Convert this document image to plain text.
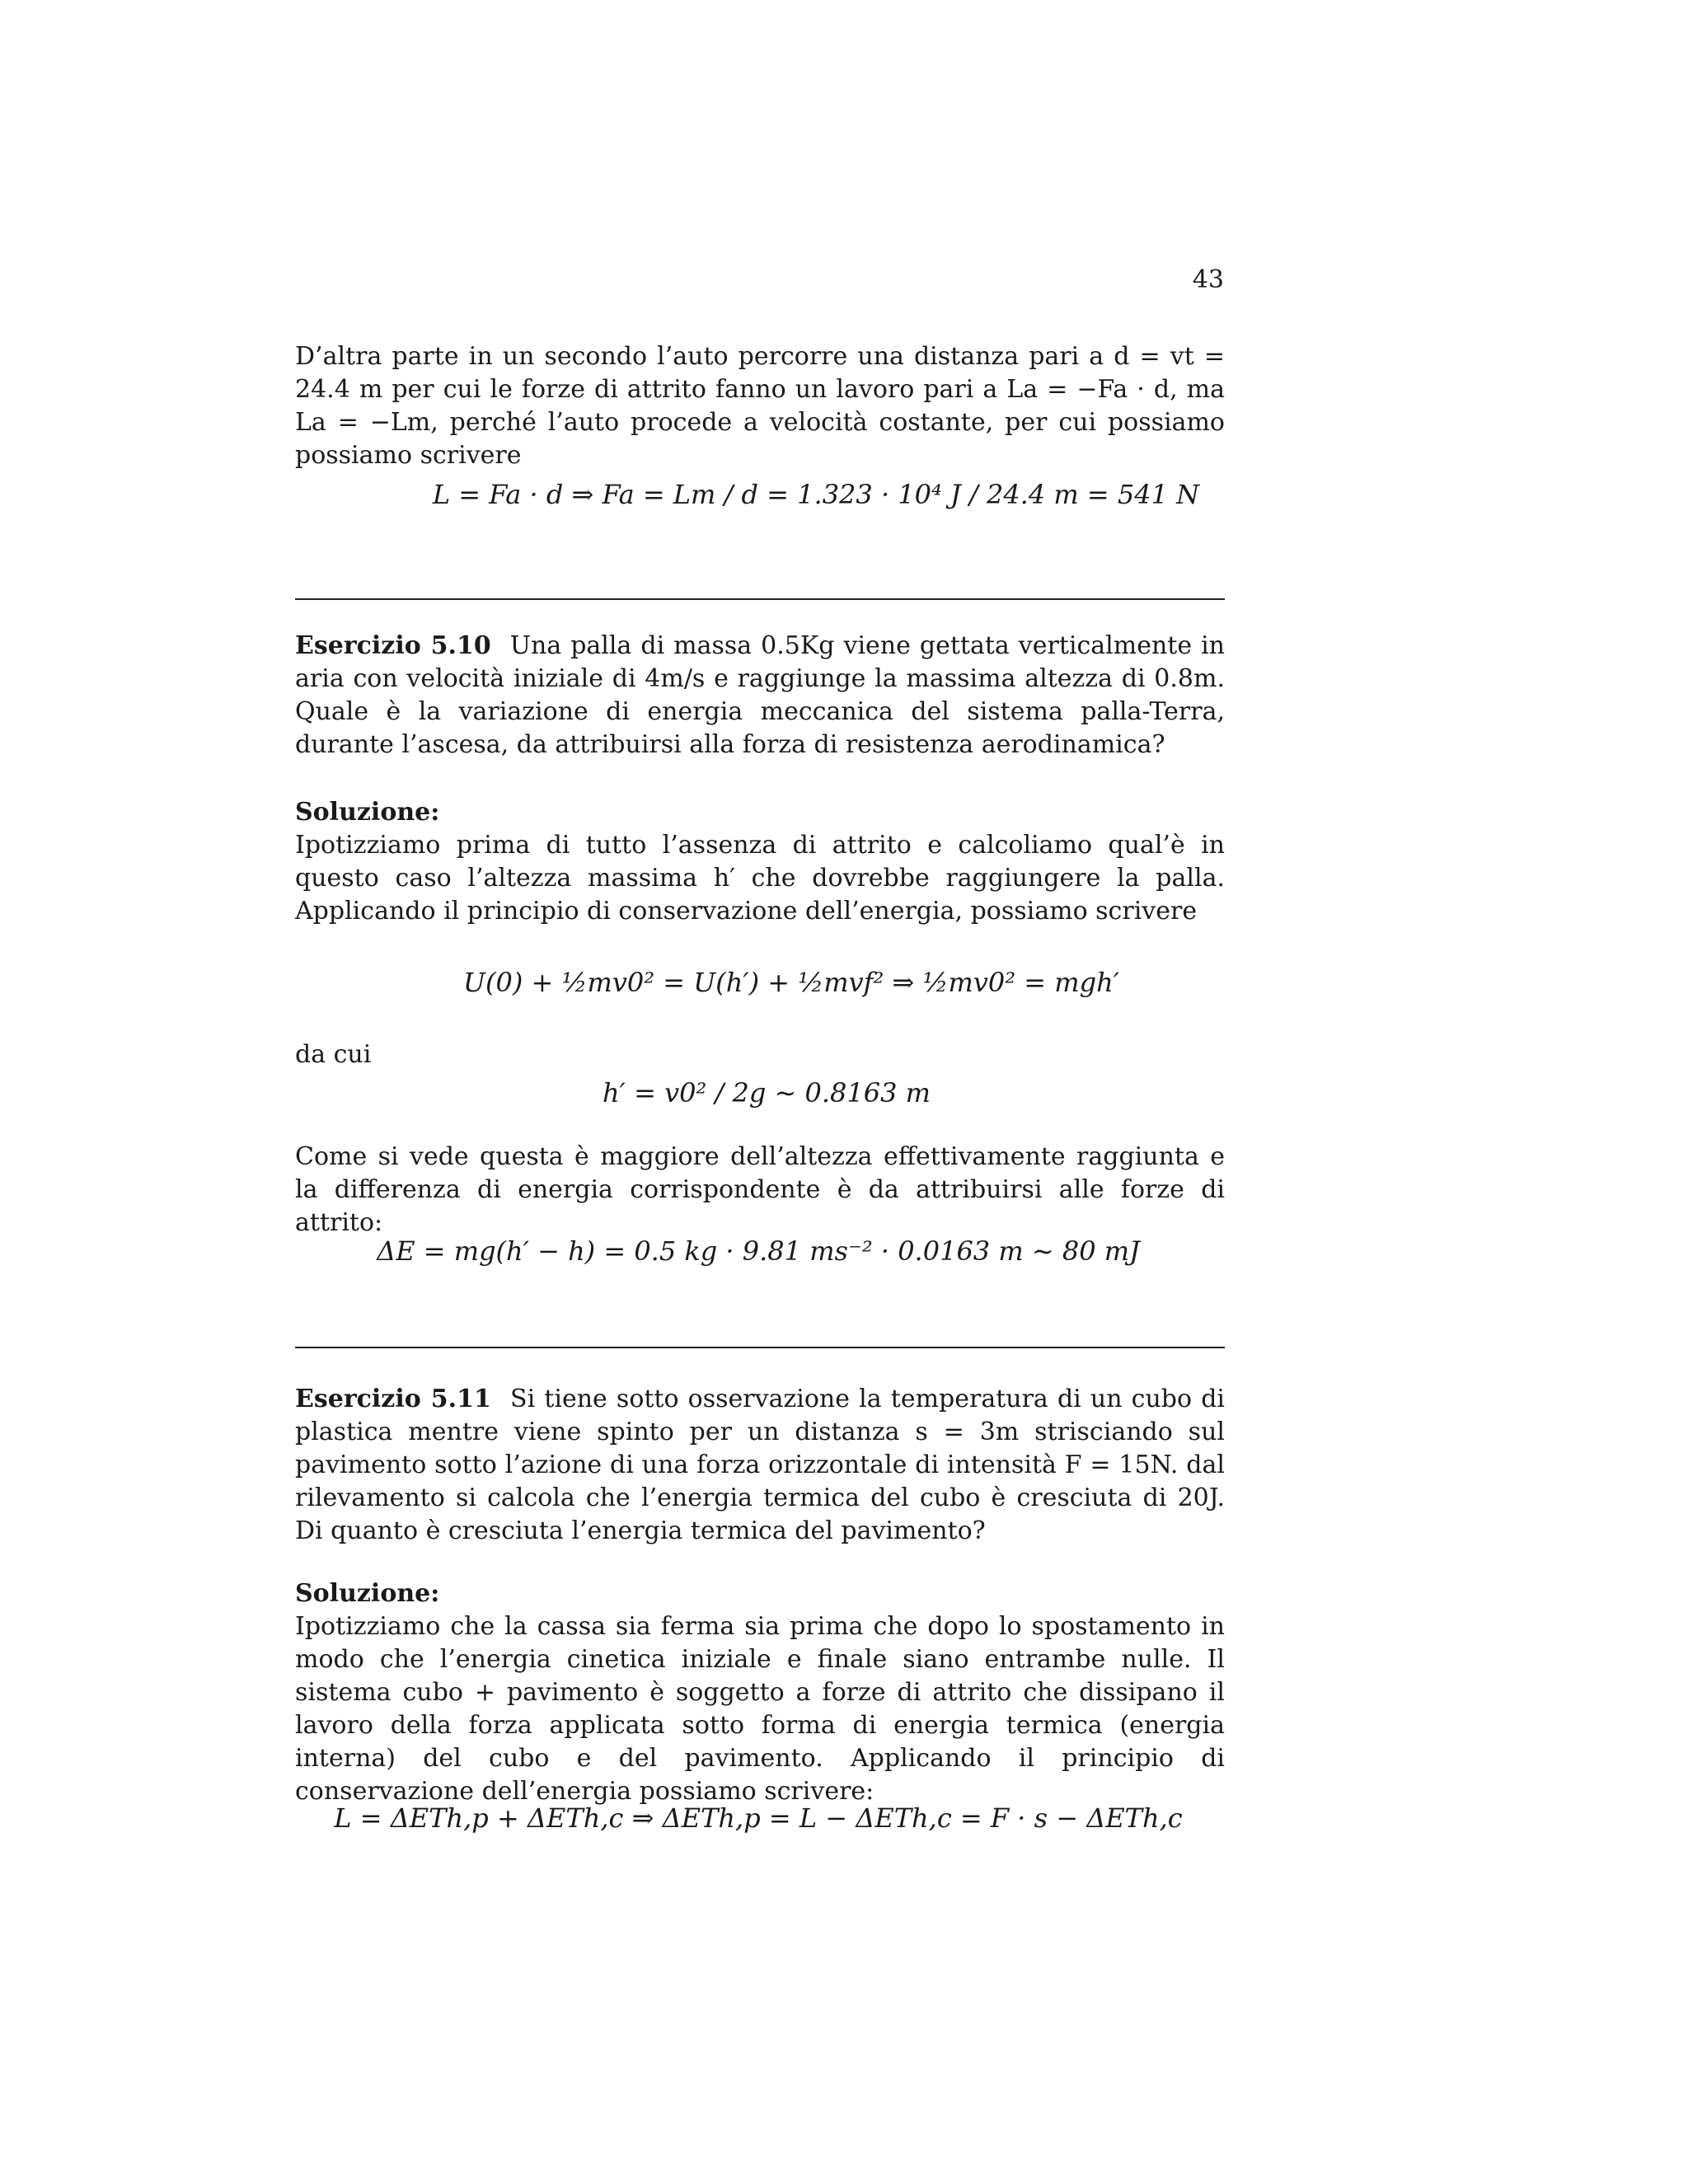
43

D’altra parte in un secondo l’auto percorre una distanza pari a d = vt = 24.4 m per cui le forze di attrito fanno un lavoro pari a La = −Fa · d, ma La = −Lm, perché l’auto procede a velocità costante, per cui possiamo possiamo scrivere

L = Fa · d ⇒ Fa = Lm / d = 1.323 · 10⁴ J / 24.4 m = 541 N

Esercizio 5.10 Una palla di massa 0.5Kg viene gettata verticalmente in aria con velocità iniziale di 4m/s e raggiunge la massima altezza di 0.8m. Quale è la variazione di energia meccanica del sistema palla-Terra, durante l’ascesa, da attribuirsi alla forza di resistenza aerodinamica?

Soluzione:

Ipotizziamo prima di tutto l’assenza di attrito e calcoliamo qual’è in questo caso l’altezza massima h′ che dovrebbe raggiungere la palla. Applicando il principio di conservazione dell’energia, possiamo scrivere

U(0) + ½mv0² = U(h′) + ½mvf² ⇒ ½mv0² = mgh′
da cui
h′ = v0² / 2g ∼ 0.8163 m

Come si vede questa è maggiore dell’altezza effettivamente raggiunta e la differenza di energia corrispondente è da attribuirsi alle forze di attrito:

ΔE = mg(h′ − h) = 0.5 kg · 9.81 ms⁻² · 0.0163 m ∼ 80 mJ

Esercizio 5.11 Si tiene sotto osservazione la temperatura di un cubo di plastica mentre viene spinto per un distanza s = 3m strisciando sul pavimento sotto l’azione di una forza orizzontale di intensità F = 15N. dal rilevamento si calcola che l’energia termica del cubo è cresciuta di 20J. Di quanto è cresciuta l’energia termica del pavimento?

Soluzione:

Ipotizziamo che la cassa sia ferma sia prima che dopo lo spostamento in modo che l’energia cinetica iniziale e finale siano entrambe nulle. Il sistema cubo + pavimento è soggetto a forze di attrito che dissipano il lavoro della forza applicata sotto forma di energia termica (energia interna) del cubo e del pavimento. Applicando il principio di conservazione dell’energia possiamo scrivere:

L = ΔETh,p + ΔETh,c ⇒ ΔETh,p = L − ΔETh,c = F · s − ΔETh,c
